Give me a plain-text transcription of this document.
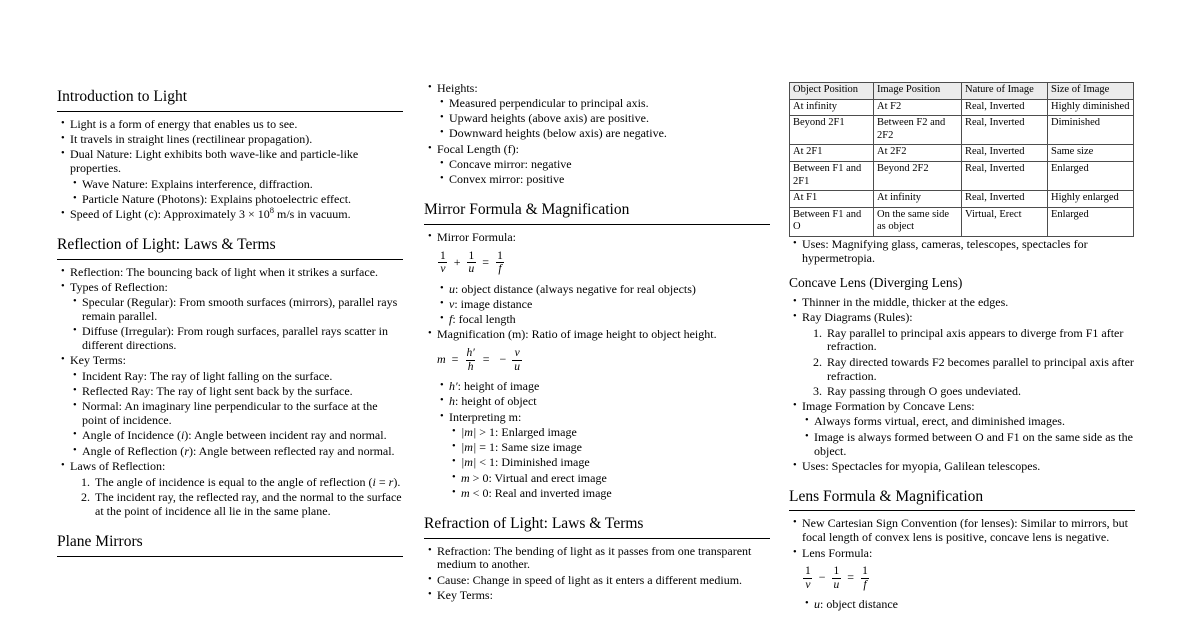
Introduction to Light
• Light is a form of energy that enables us to see.
• It travels in straight lines (rectilinear propagation).
• Dual Nature: Light exhibits both wave-like and particle-like properties.
• Wave Nature: Explains interference, diffraction.
• Particle Nature (Photons): Explains photoelectric effect.
• Speed of Light (c): Approximately $3 \times 10^8$ m/s in vacuum.
Reflection of Light: Laws & Terms
• Reflection: The bouncing back of light when it strikes a surface.
• Types of Reflection:
• Specular (Regular): From smooth surfaces (mirrors), parallel rays remain parallel.
• Diffuse (Irregular): From rough surfaces, parallel rays scatter in different directions.
• Key Terms:
• Incident Ray: The ray of light falling on the surface.
• Reflected Ray: The ray of light sent back by the surface.
• Normal: An imaginary line perpendicular to the surface at the point of incidence.
• Angle of Incidence (i): Angle between incident ray and normal.
• Angle of Reflection (r): Angle between reflected ray and normal.
• Laws of Reflection:
1. The angle of incidence is equal to the angle of reflection (i = r).
2. The incident ray, the reflected ray, and the normal to the surface at the point of incidence all lie in the same plane.
Plane Mirrors
• Heights:
• Measured perpendicular to principal axis.
• Upward heights (above axis) are positive.
• Downward heights (below axis) are negative.
• Focal Length (f):
• Concave mirror: negative
• Convex mirror: positive
Mirror Formula & Magnification
• Mirror Formula:
$\frac{1}{v} + \frac{1}{u} = \frac{1}{f}$
• u: object distance (always negative for real objects)
• v: image distance
• f: focal length
• Magnification (m): Ratio of image height to object height.
$m = \frac{h'}{h}$ = − $\frac{v}{u}$
• h′: height of image
• h: height of object
• Interpreting m:
• |m| > 1: Enlarged image
• |m| = 1: Same size image
• |m| < 1: Diminished image
• m > 0: Virtual and erect image
• m < 0: Real and inverted image
Refraction of Light: Laws & Terms
• Refraction: The bending of light as it passes from one transparent medium to another.
• Cause: Change in speed of light as it enters a different medium.
• Key Terms:
Object Position	Image Position	Nature of Image	Size of Image
At infinity	At F2	Real, Inverted	Highly diminished
Beyond 2F1	Between F2 and 2F2	Real, Inverted	Diminished
At 2F1	At 2F2	Real, Inverted	Same size
Between F1 and 2F1	Beyond 2F2	Real, Inverted	Enlarged
At F1	At infinity	Real, Inverted	Highly enlarged
Between F1 and O	On the same side as object	Virtual, Erect	Enlarged
• Uses: Magnifying glass, cameras, telescopes, spectacles for hypermetropia.
Concave Lens (Diverging Lens)
• Thinner in the middle, thicker at the edges.
• Ray Diagrams (Rules):
1. Ray parallel to principal axis appears to diverge from F1 after refraction.
2. Ray directed towards F2 becomes parallel to principal axis after refraction.
3. Ray passing through O goes undeviated.
• Image Formation by Concave Lens:
• Always forms virtual, erect, and diminished images.
• Image is always formed between O and F1 on the same side as the object.
• Uses: Spectacles for myopia, Galilean telescopes.
Lens Formula & Magnification
• New Cartesian Sign Convention (for lenses): Similar to mirrors, but focal length of convex lens is positive, concave lens is negative.
• Lens Formula:
$\frac{1}{v} - \frac{1}{u} = \frac{1}{f}$
• u: object distance
